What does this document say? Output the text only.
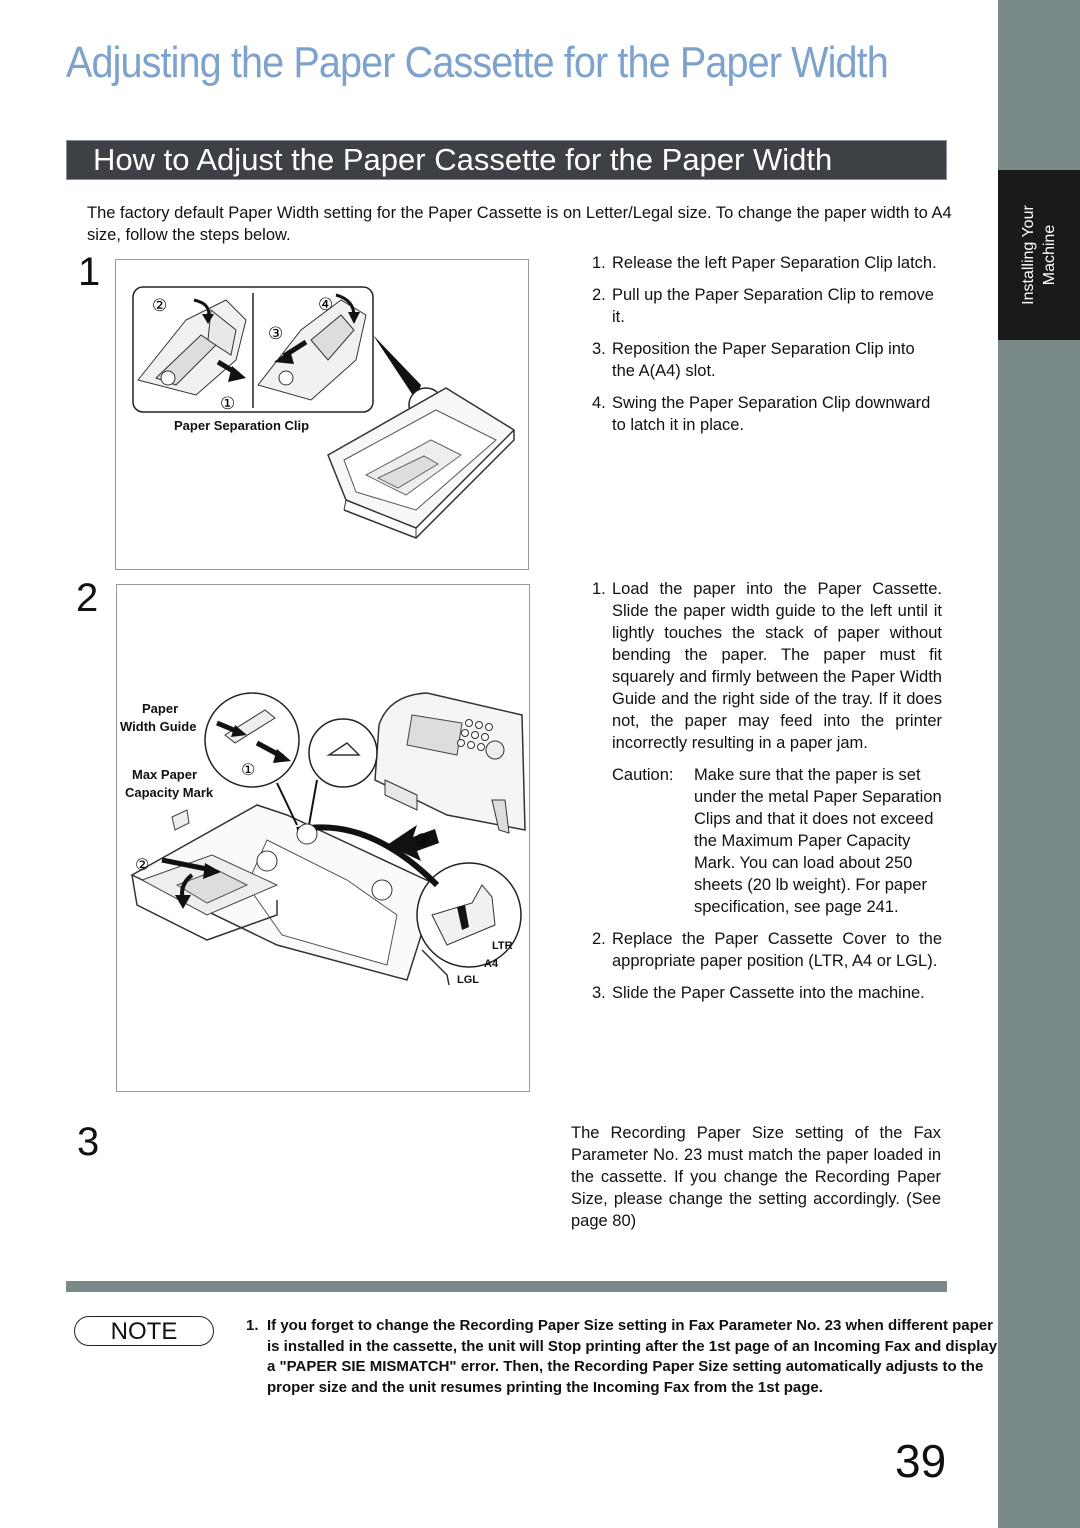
Installing Your Machine
Adjusting the Paper Cassette for the Paper Width
How to Adjust the Paper Cassette for the Paper Width
The factory default Paper Width setting for the Paper Cassette is on Letter/Legal size. To change the paper width to A4 size, follow the steps below.
1
②	④
③
①
Paper Separation Clip
1. Release the left Paper Separation Clip latch.
2. Pull up the Paper Separation Clip to remove it.
3. Reposition the Paper Separation Clip into the A(A4) slot.
4. Swing the Paper Separation Clip downward to latch it in place.
2
①
②
③
Paper
Width Guide
Max Paper
Capacity Mark
LTR
A4
LGL
1. Load the paper into the Paper Cassette. Slide the paper width guide to the left until it lightly touches the stack of paper without bending the paper. The paper must fit squarely and firmly between the Paper Width Guide and the right side of the tray. If it does not, the paper may feed into the printer incorrectly resulting in a paper jam.
Caution: Make sure that the paper is set under the metal Paper Separation Clips and that it does not exceed the Maximum Paper Capacity Mark. You can load about 250 sheets (20 lb weight). For paper specification, see page 241.
2. Replace the Paper Cassette Cover to the appropriate paper position (LTR, A4 or LGL).
3. Slide the Paper Cassette into the machine.
3	The Recording Paper Size setting of the Fax Parameter No. 23 must match the paper loaded in the cassette. If you change the Recording Paper Size, please change the setting accordingly. (See page 80)
NOTE	1. If you forget to change the Recording Paper Size setting in Fax Parameter No. 23 when different paper is installed in the cassette, the unit will Stop printing after the 1st page of an Incoming Fax and display a "PAPER SIE MISMATCH" error. Then, the Recording Paper Size setting automatically adjusts to the proper size and the unit resumes printing the Incoming Fax from the 1st page.
39
